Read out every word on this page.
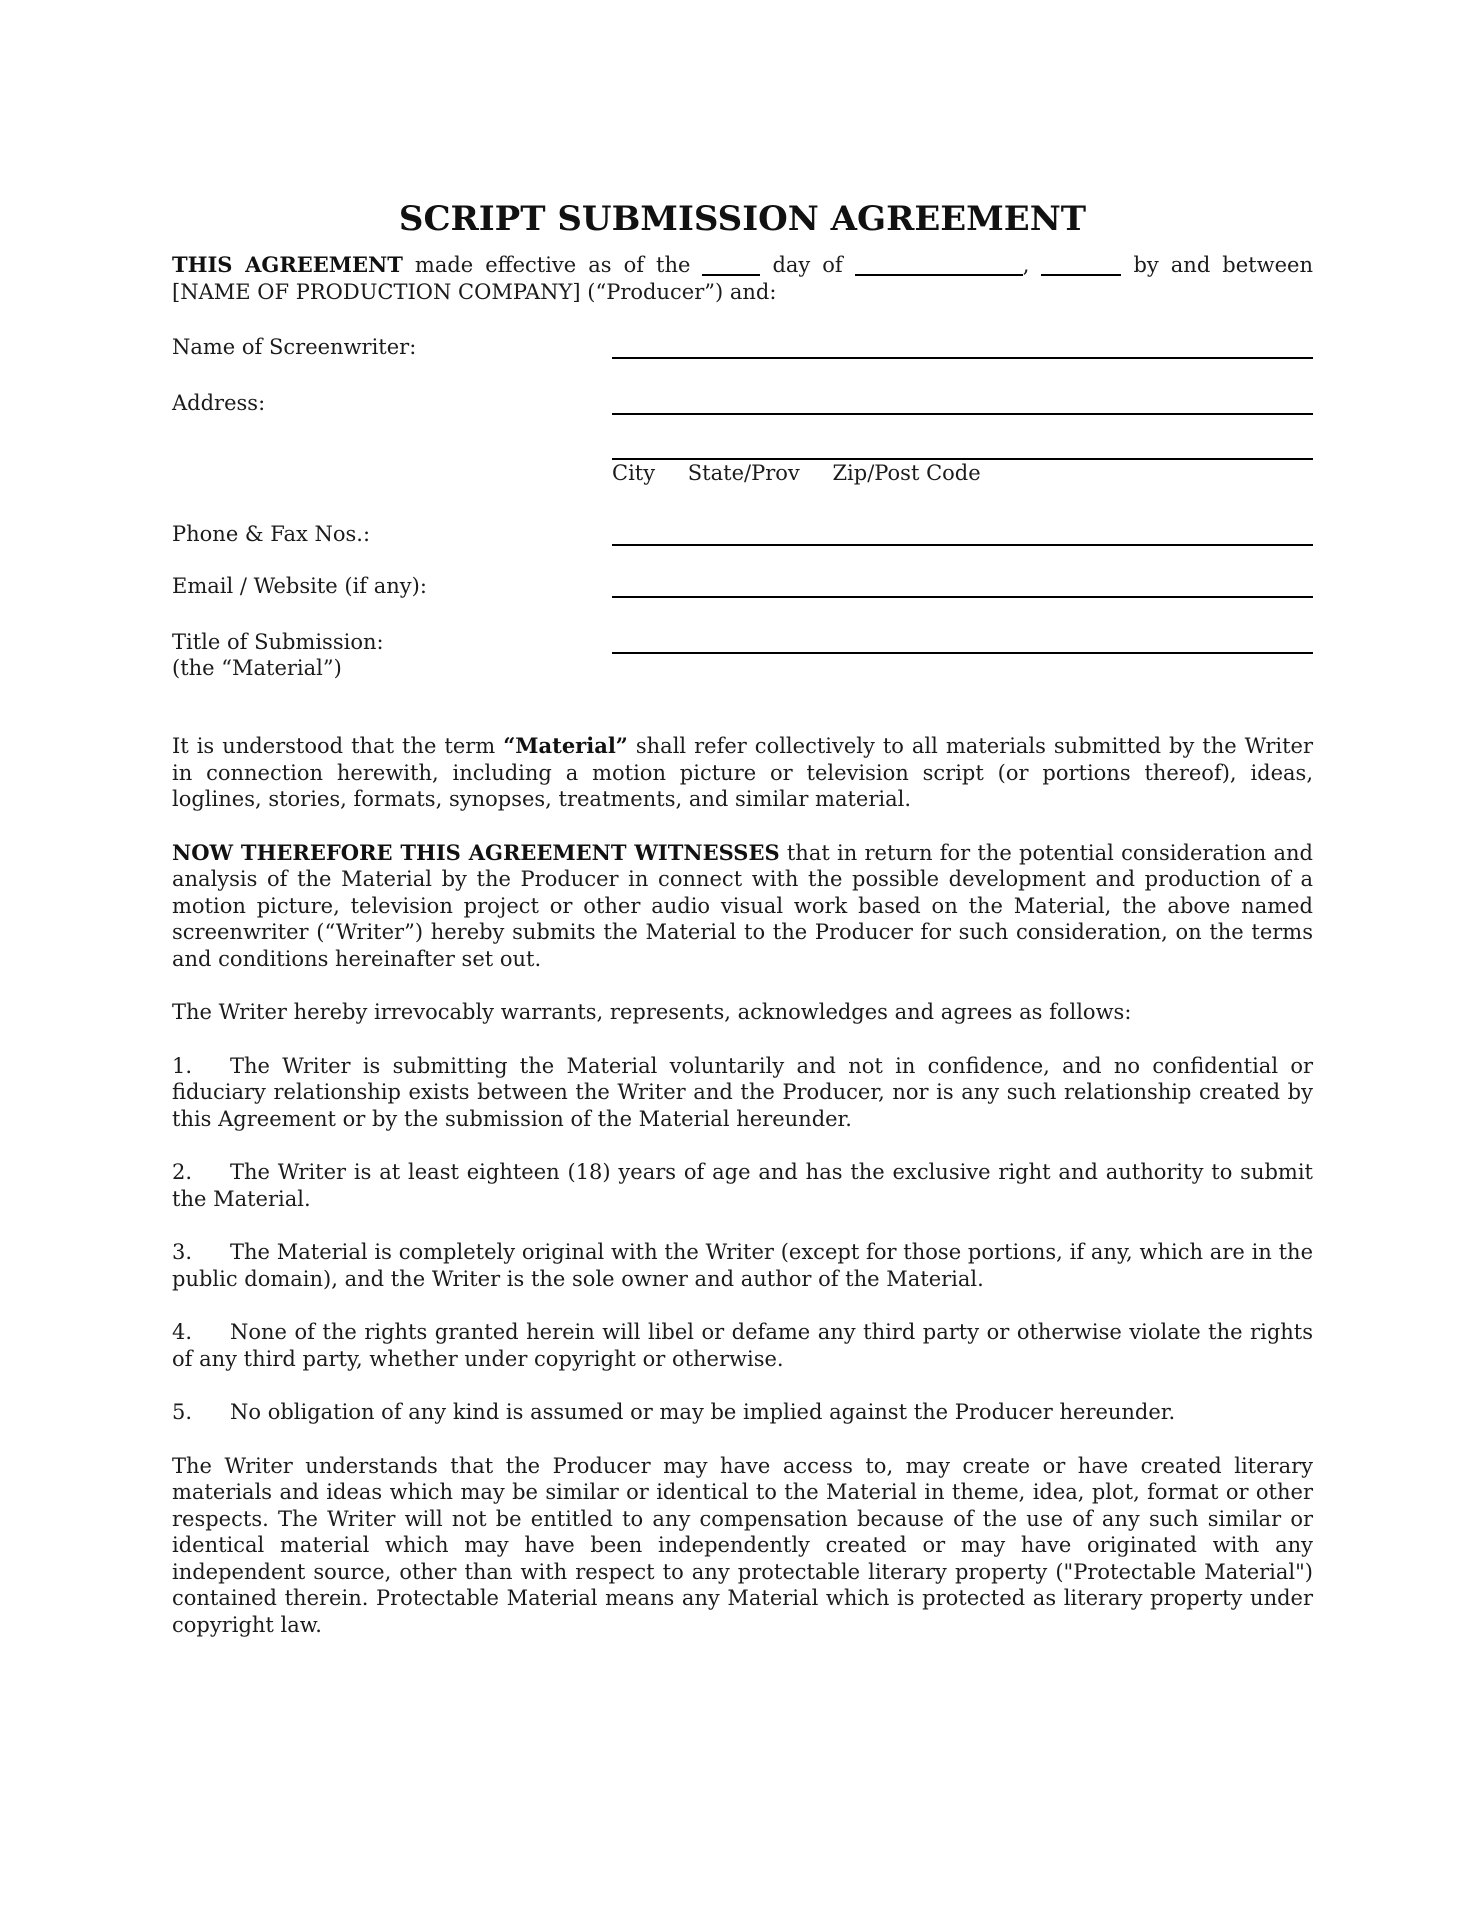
SCRIPT SUBMISSION AGREEMENT

THIS AGREEMENT made effective as of the	day of	,	by and between
[NAME OF PRODUCTION COMPANY] (“Producer”) and:

Name of Screenwriter:
Address:
City State/Prov Zip/Post Code
Phone & Fax Nos.:
Email / Website (if any):
Title of Submission:
(the “Material”)

It is understood that the term “Material” shall refer collectively to all materials submitted by the Writer in connection herewith, including a motion picture or television script (or portions thereof), ideas, loglines, stories, formats, synopses, treatments, and similar material.

NOW THEREFORE THIS AGREEMENT WITNESSES that in return for the potential consideration and analysis of the Material by the Producer in connect with the possible development and production of a motion picture, television project or other audio visual work based on the Material, the above named screenwriter (“Writer”) hereby submits the Material to the Producer for such consideration, on the terms and conditions hereinafter set out.

The Writer hereby irrevocably warrants, represents, acknowledges and agrees as follows:

1. The Writer is submitting the Material voluntarily and not in confidence, and no confidential or fiduciary relationship exists between the Writer and the Producer, nor is any such relationship created by this Agreement or by the submission of the Material hereunder.

2. The Writer is at least eighteen (18) years of age and has the exclusive right and authority to submit the Material.

3. The Material is completely original with the Writer (except for those portions, if any, which are in the public domain), and the Writer is the sole owner and author of the Material.

4. None of the rights granted herein will libel or defame any third party or otherwise violate the rights of any third party, whether under copyright or otherwise.

5. No obligation of any kind is assumed or may be implied against the Producer hereunder.

The Writer understands that the Producer may have access to, may create or have created literary materials and ideas which may be similar or identical to the Material in theme, idea, plot, format or other respects. The Writer will not be entitled to any compensation because of the use of any such similar or identical material which may have been independently created or may have originated with any independent source, other than with respect to any protectable literary property ("Protectable Material") contained therein. Protectable Material means any Material which is protected as literary property under copyright law.
